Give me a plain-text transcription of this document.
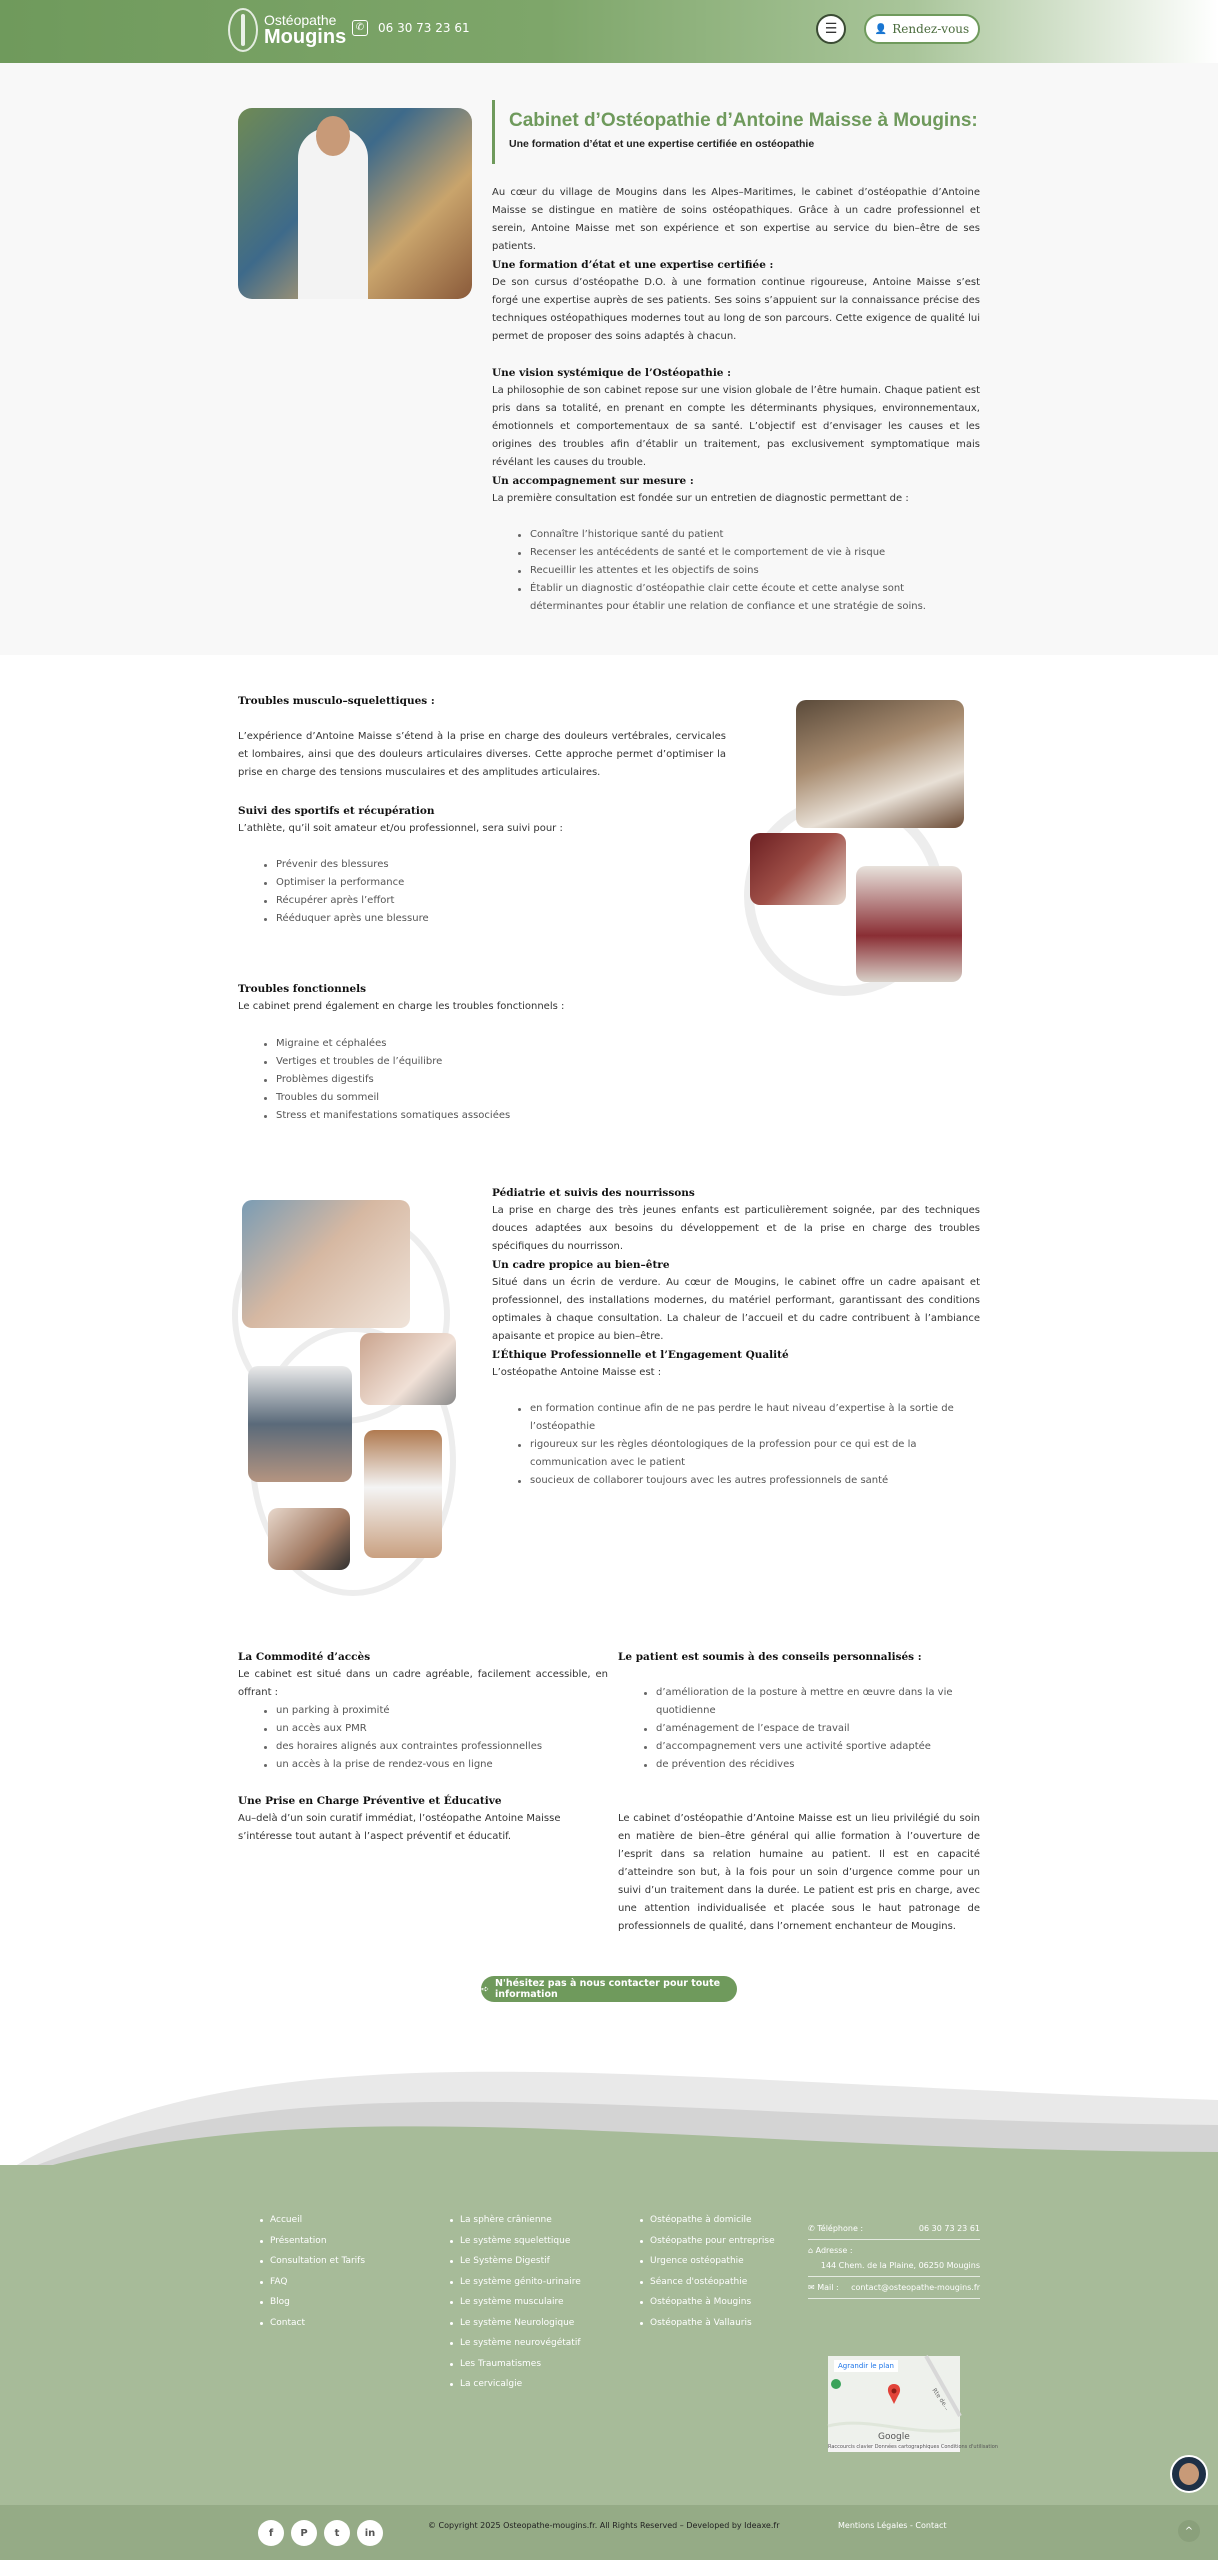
Ostéopathe
Mougins ✆	06 30 73 23 61	☰	👤 Rendez-vous
Cabinet d’Ostéopathie d’Antoine Maisse à Mougins:
Une formation d’état et une expertise certifiée en ostéopathie
Au cœur du village de Mougins dans les Alpes–Maritimes, le cabinet d’ostéopathie d’Antoine Maisse se distingue en matière de soins ostéopathiques. Grâce à un cadre professionnel et serein, Antoine Maisse met son expérience et son expertise au service du bien–être de ses patients.
Une formation d’état et une expertise certifiée :
De son cursus d’ostéopathe D.O. à une formation continue rigoureuse, Antoine Maisse s’est forgé une expertise auprès de ses patients. Ses soins s’appuient sur la connaissance précise des techniques ostéopathiques modernes tout au long de son parcours. Cette exigence de qualité lui permet de proposer des soins adaptés à chacun.
Une vision systémique de l’Ostéopathie :
La philosophie de son cabinet repose sur une vision globale de l’être humain. Chaque patient est pris dans sa totalité, en prenant en compte les déterminants physiques, environnementaux, émotionnels et comportementaux de sa santé. L’objectif est d’envisager les causes et les origines des troubles afin d’établir un traitement, pas exclusivement symptomatique mais révélant les causes du trouble.
Un accompagnement sur mesure :
La première consultation est fondée sur un entretien de diagnostic permettant de :
Connaître l’historique santé du patient
Recenser les antécédents de santé et le comportement de vie à risque
Recueillir les attentes et les objectifs de soins
Établir un diagnostic d’ostéopathie clair cette écoute et cette analyse sont déterminantes pour établir une relation de confiance et une stratégie de soins.
Troubles musculo–squelettiques :
L’expérience d’Antoine Maisse s’étend à la prise en charge des douleurs vertébrales, cervicales et lombaires, ainsi que des douleurs articulaires diverses. Cette approche permet d’optimiser la prise en charge des tensions musculaires et des amplitudes articulaires.
Suivi des sportifs et récupération
L’athlète, qu’il soit amateur et/ou professionnel, sera suivi pour :
Prévenir des blessures
Optimiser la performance
Récupérer après l’effort
Rééduquer après une blessure
Troubles fonctionnels
Le cabinet prend également en charge les troubles fonctionnels :
Migraine et céphalées
Vertiges et troubles de l’équilibre
Problèmes digestifs
Troubles du sommeil
Stress et manifestations somatiques associées
Pédiatrie et suivis des nourrissons
La prise en charge des très jeunes enfants est particulièrement soignée, par des techniques douces adaptées aux besoins du développement et de la prise en charge des troubles spécifiques du nourrisson.
Un cadre propice au bien–être
Situé dans un écrin de verdure. Au cœur de Mougins, le cabinet offre un cadre apaisant et professionnel, des installations modernes, du matériel performant, garantissant des conditions optimales à chaque consultation. La chaleur de l’accueil et du cadre contribuent à l’ambiance apaisante et propice au bien–être.
L’Éthique Professionnelle et l’Engagement Qualité
L’ostéopathe Antoine Maisse est :
en formation continue afin de ne pas perdre le haut niveau d’expertise à la sortie de l’ostéopathie
rigoureux sur les règles déontologiques de la profession pour ce qui est de la communication avec le patient
soucieux de collaborer toujours avec les autres professionnels de santé
La Commodité d’accès
Le cabinet est situé dans un cadre agréable, facilement accessible, en offrant :
un parking à proximité
un accès aux PMR
des horaires alignés aux contraintes professionnelles
un accès à la prise de rendez-vous en ligne
Une Prise en Charge Préventive et Éducative
Au–delà d’un soin curatif immédiat, l’ostéopathe Antoine Maisse s’intéresse tout autant à l’aspect préventif et éducatif.
Le patient est soumis à des conseils personnalisés :
d’amélioration de la posture à mettre en œuvre dans la vie quotidienne
d’aménagement de l’espace de travail
d’accompagnement vers une activité sportive adaptée
de prévention des récidives
Le cabinet d’ostéopathie d’Antoine Maisse est un lieu privilégié du soin en matière de bien–être général qui allie formation à l’ouverture de l’esprit dans sa relation humaine au patient. Il est en capacité d’atteindre son but, à la fois pour un soin d’urgence comme pour un suivi d’un traitement dans la durée. Le patient est pris en charge, avec une attention individualisée et placée sous le haut patronage de professionnels de qualité, dans l’ornement enchanteur de Mougins.
➪ N'hésitez pas à nous contacter pour toute information
Accueil
Présentation
Consultation et Tarifs
FAQ
Blog
Contact
La sphère crânienne
Le système squelettique
Le Système Digestif
Le système génito-urinaire
Le système musculaire
Le système Neurologique
Le système neurovégétatif
Les Traumatismes
La cervicalgie
Ostéopathe à domicile
Ostéopathe pour entreprise
Urgence ostéopathie
Séance d'ostéopathie
Ostéopathe à Mougins
Ostéopathe à Vallauris
✆ Téléphone :	06 30 73 23 61
⌂ Adresse :
144 Chem. de la Plaine, 06250 Mougins
✉ Mail : contact@osteopathe-mougins.fr
Agrandir le plan
Rte de...
Google
Raccourcis clavier Données cartographiques Conditions d'utilisation
f	P	t	in
© Copyright 2025 Osteopathe-mougins.fr. All Rights Reserved – Developed by Ideaxe.fr	Mentions Légales - Contact	^
